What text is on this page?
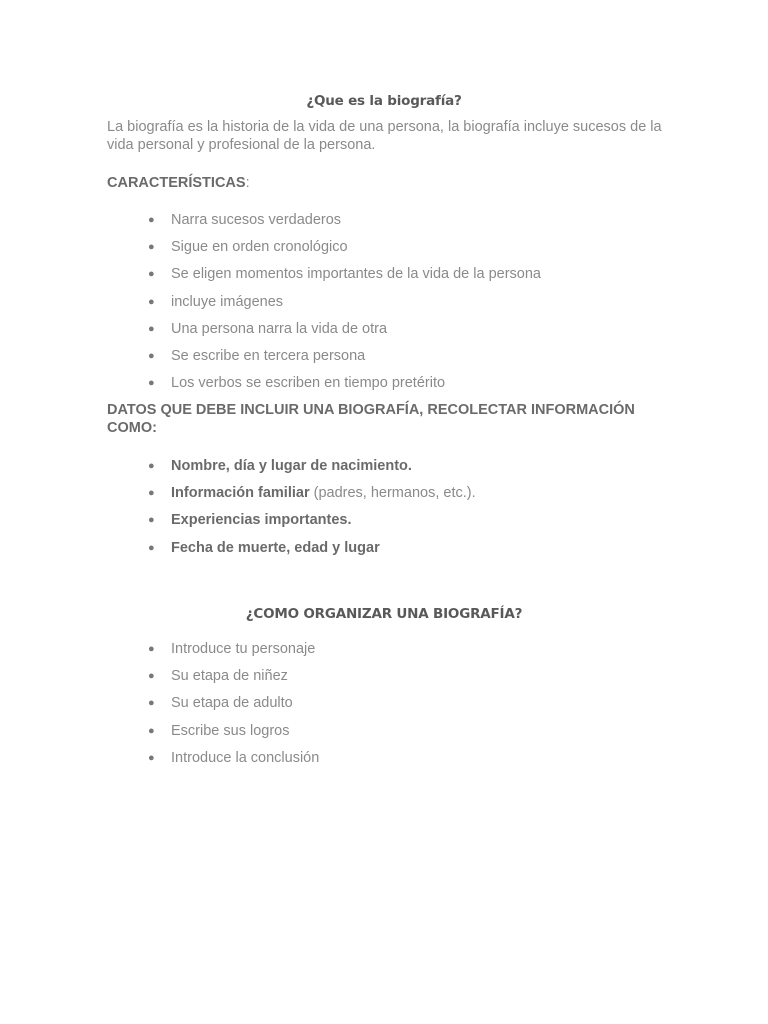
¿Que es la biografía?
La biografía es la historia de la vida de una persona, la biografía incluye sucesos de la vida personal y profesional de la persona.
CARACTERÍSTICAS:
● Narra sucesos verdaderos
● Sigue en orden cronológico
● Se eligen momentos importantes de la vida de la persona
● incluye imágenes
● Una persona narra la vida de otra
● Se escribe en tercera persona
● Los verbos se escriben en tiempo pretérito
DATOS QUE DEBE INCLUIR UNA BIOGRAFÍA, RECOLECTAR INFORMACIÓN COMO:
● Nombre, día y lugar de nacimiento.
● Información familiar (padres, hermanos, etc.).
● Experiencias importantes.
● Fecha de muerte, edad y lugar
¿COMO ORGANIZAR UNA BIOGRAFÍA?
● Introduce tu personaje
● Su etapa de niñez
● Su etapa de adulto
● Escribe sus logros
● Introduce la conclusión
